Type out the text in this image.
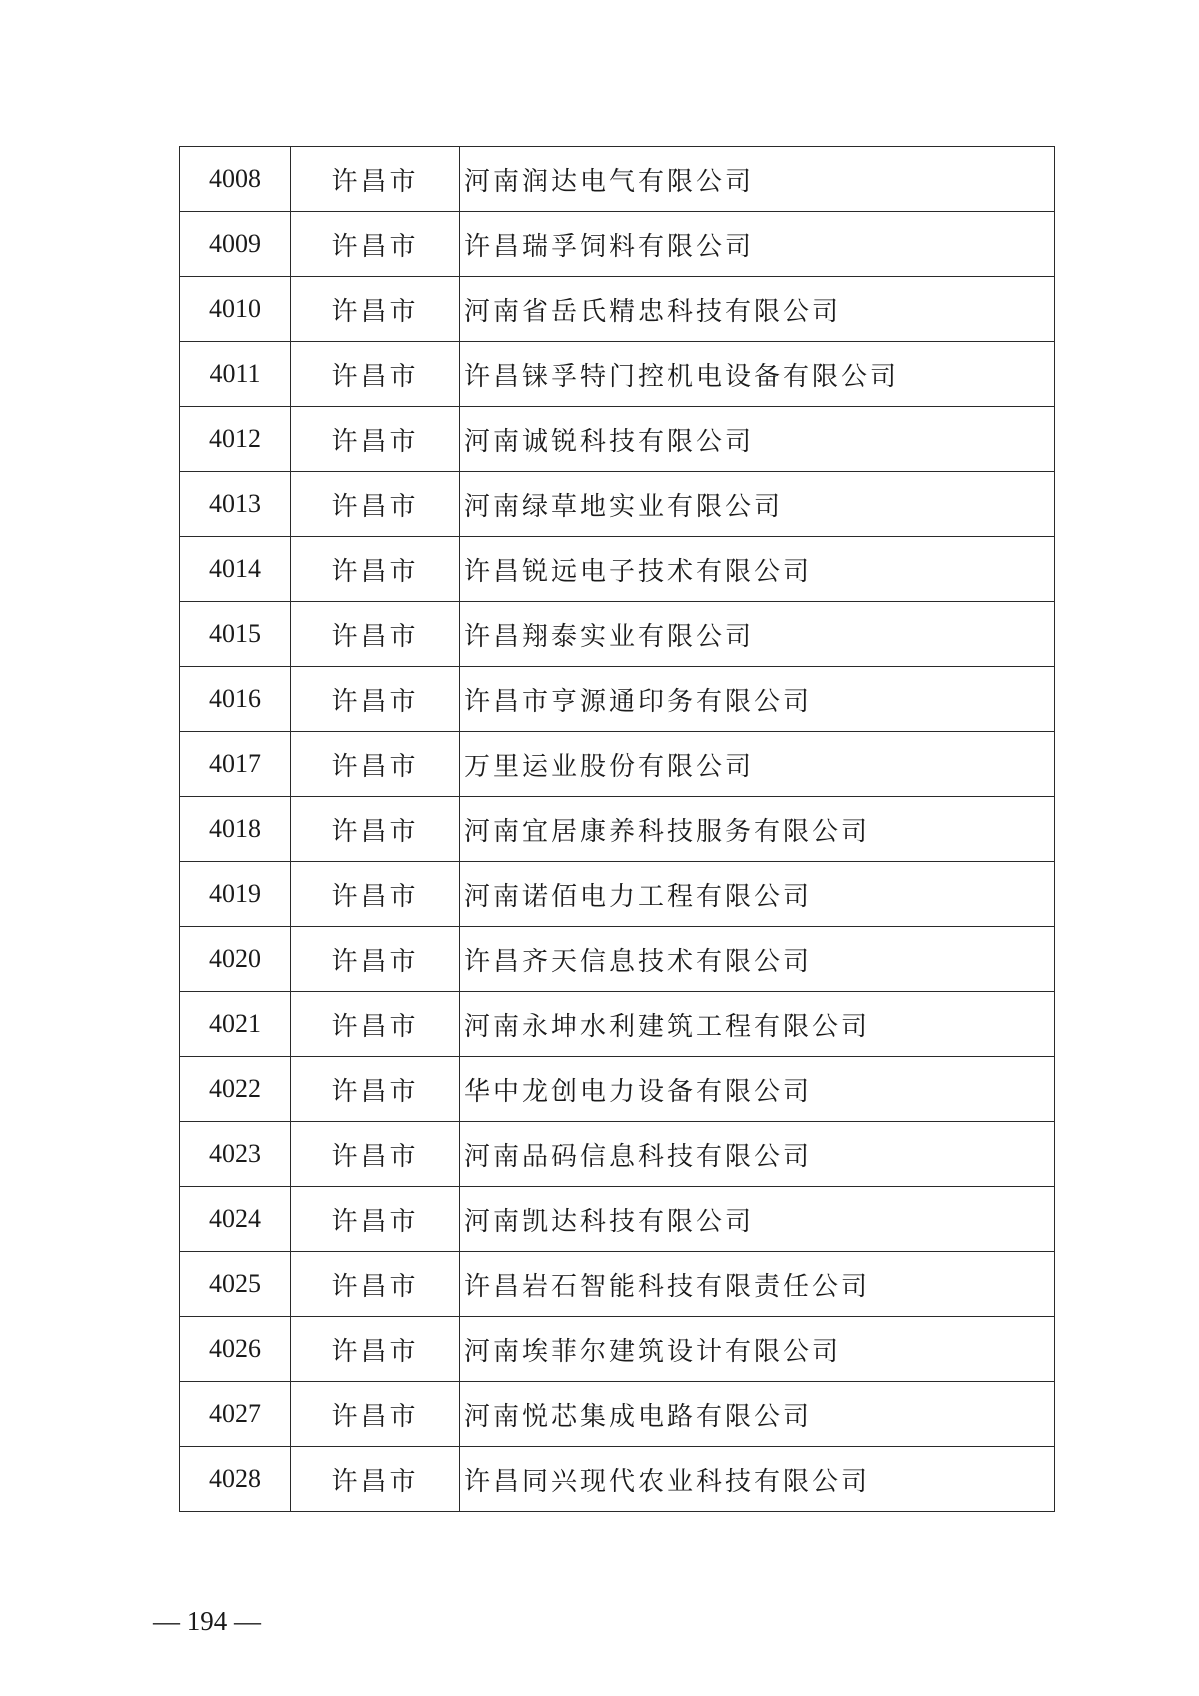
4008	许昌市	河南润达电气有限公司
4009	许昌市	许昌瑞孚饲料有限公司
4010	许昌市	河南省岳氏精忠科技有限公司
4011	许昌市	许昌铼孚特门控机电设备有限公司
4012	许昌市	河南诚锐科技有限公司
4013	许昌市	河南绿草地实业有限公司
4014	许昌市	许昌锐远电子技术有限公司
4015	许昌市	许昌翔泰实业有限公司
4016	许昌市	许昌市亨源通印务有限公司
4017	许昌市	万里运业股份有限公司
4018	许昌市	河南宜居康养科技服务有限公司
4019	许昌市	河南诺佰电力工程有限公司
4020	许昌市	许昌齐天信息技术有限公司
4021	许昌市	河南永坤水利建筑工程有限公司
4022	许昌市	华中龙创电力设备有限公司
4023	许昌市	河南品码信息科技有限公司
4024	许昌市	河南凯达科技有限公司
4025	许昌市	许昌岩石智能科技有限责任公司
4026	许昌市	河南埃菲尔建筑设计有限公司
4027	许昌市	河南悦芯集成电路有限公司
4028	许昌市	许昌同兴现代农业科技有限公司
— 194 —
